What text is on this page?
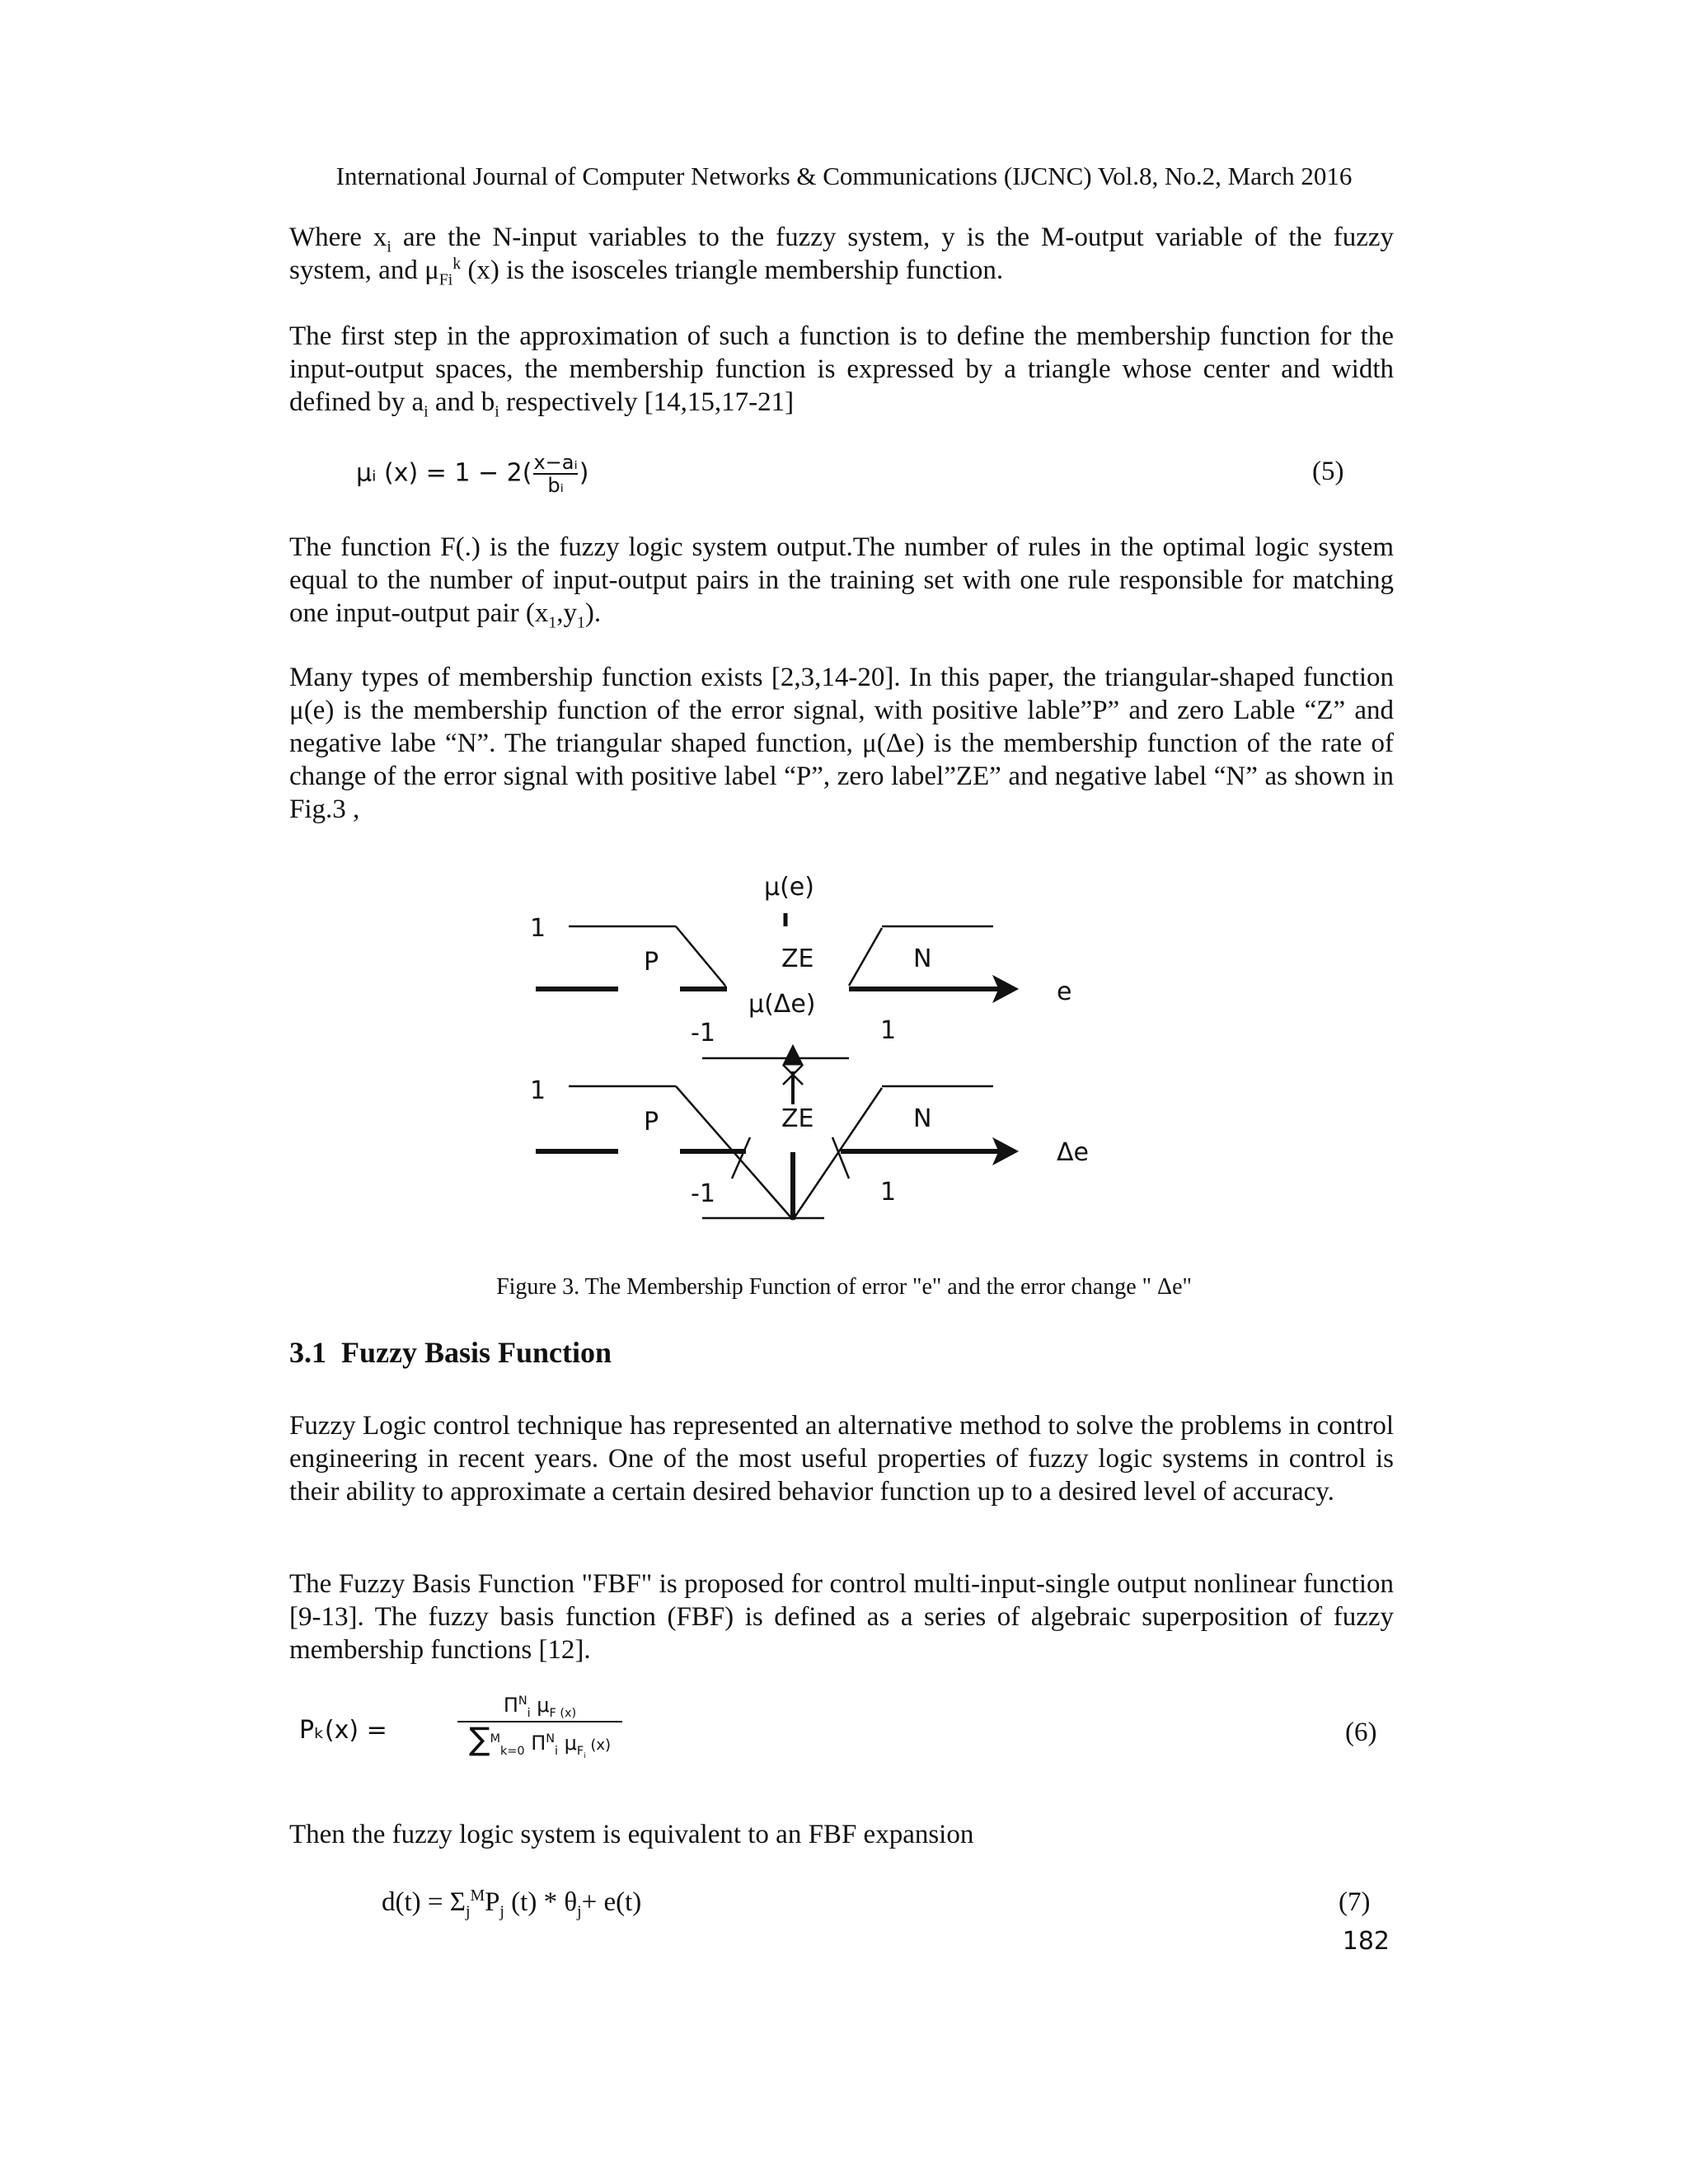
International Journal of Computer Networks & Communications (IJCNC) Vol.8, No.2, March 2016

Where $x_i$ are the N-input variables to the fuzzy system, y is the M-output variable of the fuzzy system, and $\mu_{Fi}^k$ (x) is the isosceles triangle membership function.

The first step in the approximation of such a function is to define the membership function for the input-output spaces, the membership function is expressed by a triangle whose center and width defined by $a_i$ and $b_i$ respectively [14,15,17-21]

μᵢ $(x) = 1 - 2( \frac{\text{x−aᵢ}}{\text{bᵢ}}$ )	(5)

The function F(.) is the fuzzy logic system output.The number of rules in the optimal logic system equal to the number of input-output pairs in the training set with one rule responsible for matching one input-output pair $(x_1,y_1)$.

Many types of membership function exists [2,3,14-20]. In this paper, the triangular-shaped function μ(e) is the membership function of the error signal, with positive lable”P” and zero Lable “Z” and negative labe “N”. The triangular shaped function, μ(Δe) is the membership function of the rate of change of the error signal with positive label “P”, zero label”ZE” and negative label “N” as shown in Fig.3 ,
μ(e)
1
P	ZE	N
e
μ(Δe)
-1	1
1
P	ZE	N
Δe
-1	1
Figure 3. The Membership Function of error "e" and the error change " Δe"
3.1 Fuzzy Basis Function
Fuzzy Logic control technique has represented an alternative method to solve the problems in control engineering in recent years. One of the most useful properties of fuzzy logic systems in control is their ability to approximate a certain desired behavior function up to a desired level of accuracy.
The Fuzzy Basis Function "FBF" is proposed for control multi-input-single output nonlinear function [9-13]. The fuzzy basis function (FBF) is defined as a series of algebraic superposition of fuzzy membership functions [12].
Pₖ(x) =
$\Pi^N_i$ $\mu_{F (x)}$
∑$^M_{k=0}$ $\Pi^N_i$ $\mu_{F_i}$ (x)	(6)
Then the fuzzy logic system is equivalent to an FBF expansion
$d(t) = \Sigma_j^MP_j$ $(t) * \theta_j+ e(t)$	(7)
182
